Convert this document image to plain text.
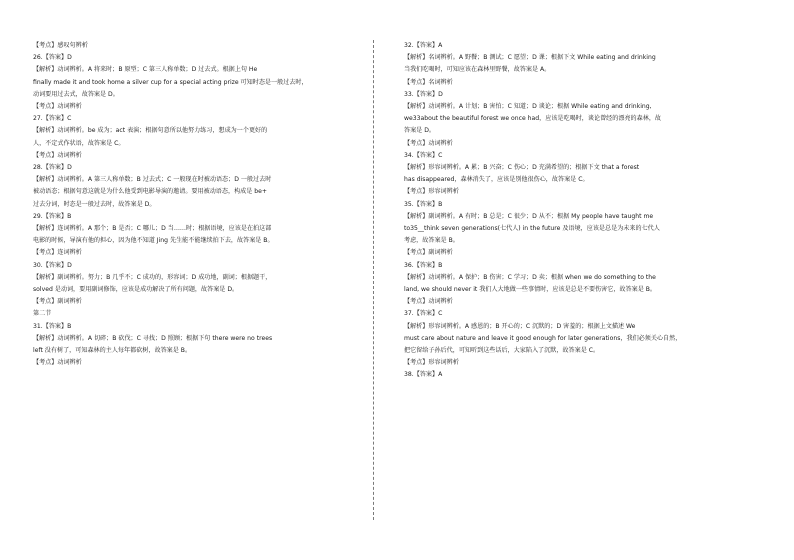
【考点】感叹句辨析
26.【答案】D
【解析】动词辨析。A 将来时；B 原型；C 第三人称单数；D 过去式。根据上句 He
finally made it and took home a silver cup for a special acting prize 可知时态是一般过去时，
动词要用过去式，故答案是 D。
【考点】动词辨析
27.【答案】C
【解析】动词辨析。be 成为；act 表演；根据句意所以他努力练习，想成为一个更好的
人，不定式作状语，故答案是 C。
【考点】动词辨析
28.【答案】D
【解析】动词辨析。A 第三人称单数；B 过去式；C 一般现在时被动语态；D 一般过去时
被动语态；根据句意这就是为什么他受到电影导演的邀请。要用被动语态，构成是 be+
过去分词，时态是一般过去时，故答案是 D。
29.【答案】B
【解析】连词辨析。A 那个；B 是否；C 哪儿；D 当……时；根据语境，应该是在拍这部
电影的时候，导演有他的担心，因为他不知道 Jing 先生能不能继续拍下去，故答案是 B。
【考点】连词辨析
30.【答案】D
【解析】副词辨析。努力；B 几乎不；C 成功的，形容词；D 成功地，副词；根据题干，
solved 是动词，要用副词修饰，应该是成功解决了所有问题，故答案是 D。
【考点】副词辨析
第二节
31.【答案】B
【解析】动词辨析。A 切碎；B 砍伐；C 寻找；D 照顾；根据下句 there were no trees
left 没有树了，可知森林的主人每年都砍树，故答案是 B。
【考点】动词辨析
32.【答案】A
【解析】名词辨析。A 野餐；B 测试；C 愿望；D 课；根据下文 While eating and drinking
当我们吃喝时，可知应该在森林里野餐，故答案是 A。
【考点】名词辨析
33.【答案】D
【解析】动词辨析。A 计划；B 害怕；C 知道；D 谈论；根据 While eating and drinking,
we33about the beautiful forest we once had，应该是吃喝时，谈论曾经的漂亮的森林，故
答案是 D。
【考点】动词辨析
34.【答案】C
【解析】形容词辨析。A 累；B 兴奋；C 伤心；D 充满希望的；根据下文 that a forest
has disappeared，森林消失了，应该是别他很伤心，故答案是 C。
【考点】形容词辨析
35.【答案】B
【解析】副词辨析。A 有时；B 总是；C 很少；D 从不；根据 My people have taught me
to35__think seven generations(七代人) in the future 及语境，应该是总是为未来的七代人
考虑，故答案是 B。
【考点】副词辨析
36.【答案】B
【解析】动词辨析。A 保护；B 伤害；C 学习；D 卖；根据 when we do something to the
land, we should never it 我们人大地做一些事情时，应该是总是不要伤害它，故答案是 B。
【考点】动词辨析
37.【答案】C
【解析】形容词辨析。A 感恩的；B 开心的；C 沉默的；D 害羞的；根据上文描述 We
must care about nature and leave it good enough for later generations，我们必须关心自然，
把它留给子孙后代，可知听到这些话后，大家陷入了沉默，故答案是 C。
【考点】形容词辨析
38.【答案】A
